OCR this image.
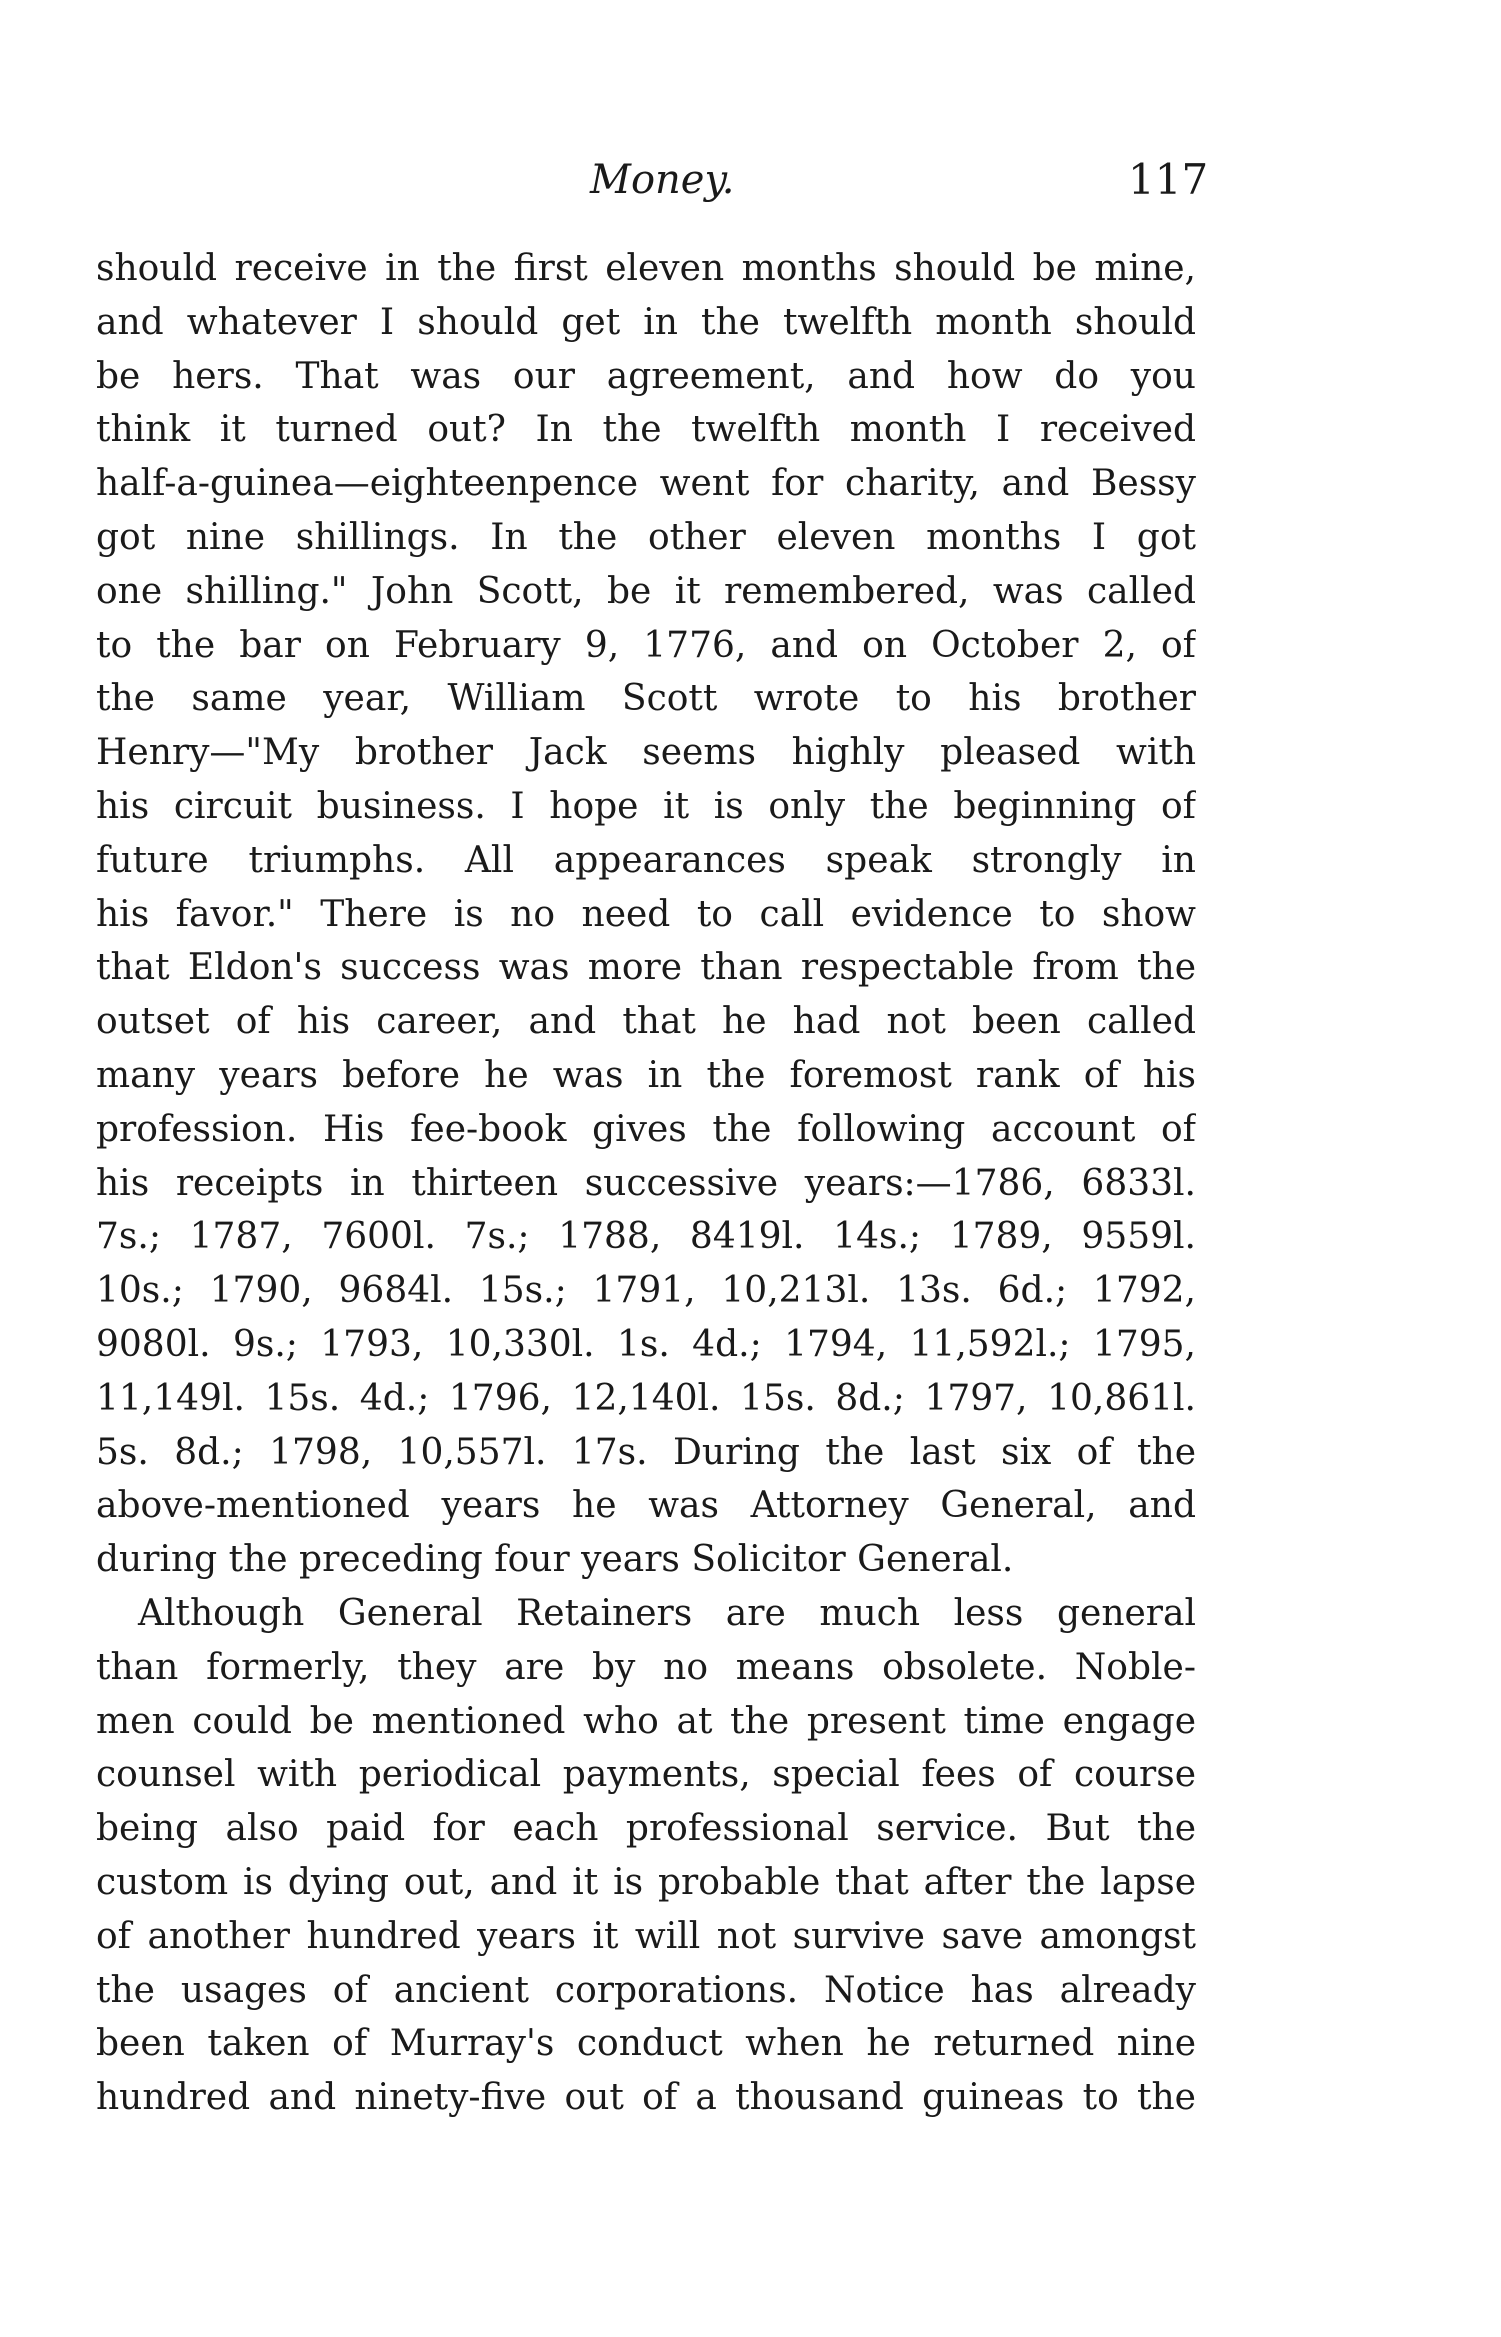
Money.	117
should receive in the first eleven months should be mine,
and whatever I should get in the twelfth month should
be hers. That was our agreement, and how do you
think it turned out? In the twelfth month I received
half-a-guinea—eighteenpence went for charity, and Bessy
got nine shillings. In the other eleven months I got
one shilling." John Scott, be it remembered, was called
to the bar on February 9, 1776, and on October 2, of
the same year, William Scott wrote to his brother
Henry—"My brother Jack seems highly pleased with
his circuit business. I hope it is only the beginning of
future triumphs. All appearances speak strongly in
his favor." There is no need to call evidence to show
that Eldon's success was more than respectable from the
outset of his career, and that he had not been called
many years before he was in the foremost rank of his
profession. His fee-book gives the following account of
his receipts in thirteen successive years:—1786, 6833l.
7s.; 1787, 7600l. 7s.; 1788, 8419l. 14s.; 1789, 9559l.
10s.; 1790, 9684l. 15s.; 1791, 10,213l. 13s. 6d.; 1792,
9080l. 9s.; 1793, 10,330l. 1s. 4d.; 1794, 11,592l.; 1795,
11,149l. 15s. 4d.; 1796, 12,140l. 15s. 8d.; 1797, 10,861l.
5s. 8d.; 1798, 10,557l. 17s. During the last six of the
above-mentioned years he was Attorney General, and
during the preceding four years Solicitor General.
Although General Retainers are much less general
than formerly, they are by no means obsolete. Noble-
men could be mentioned who at the present time engage
counsel with periodical payments, special fees of course
being also paid for each professional service. But the
custom is dying out, and it is probable that after the lapse
of another hundred years it will not survive save amongst
the usages of ancient corporations. Notice has already
been taken of Murray's conduct when he returned nine
hundred and ninety-five out of a thousand guineas to the
